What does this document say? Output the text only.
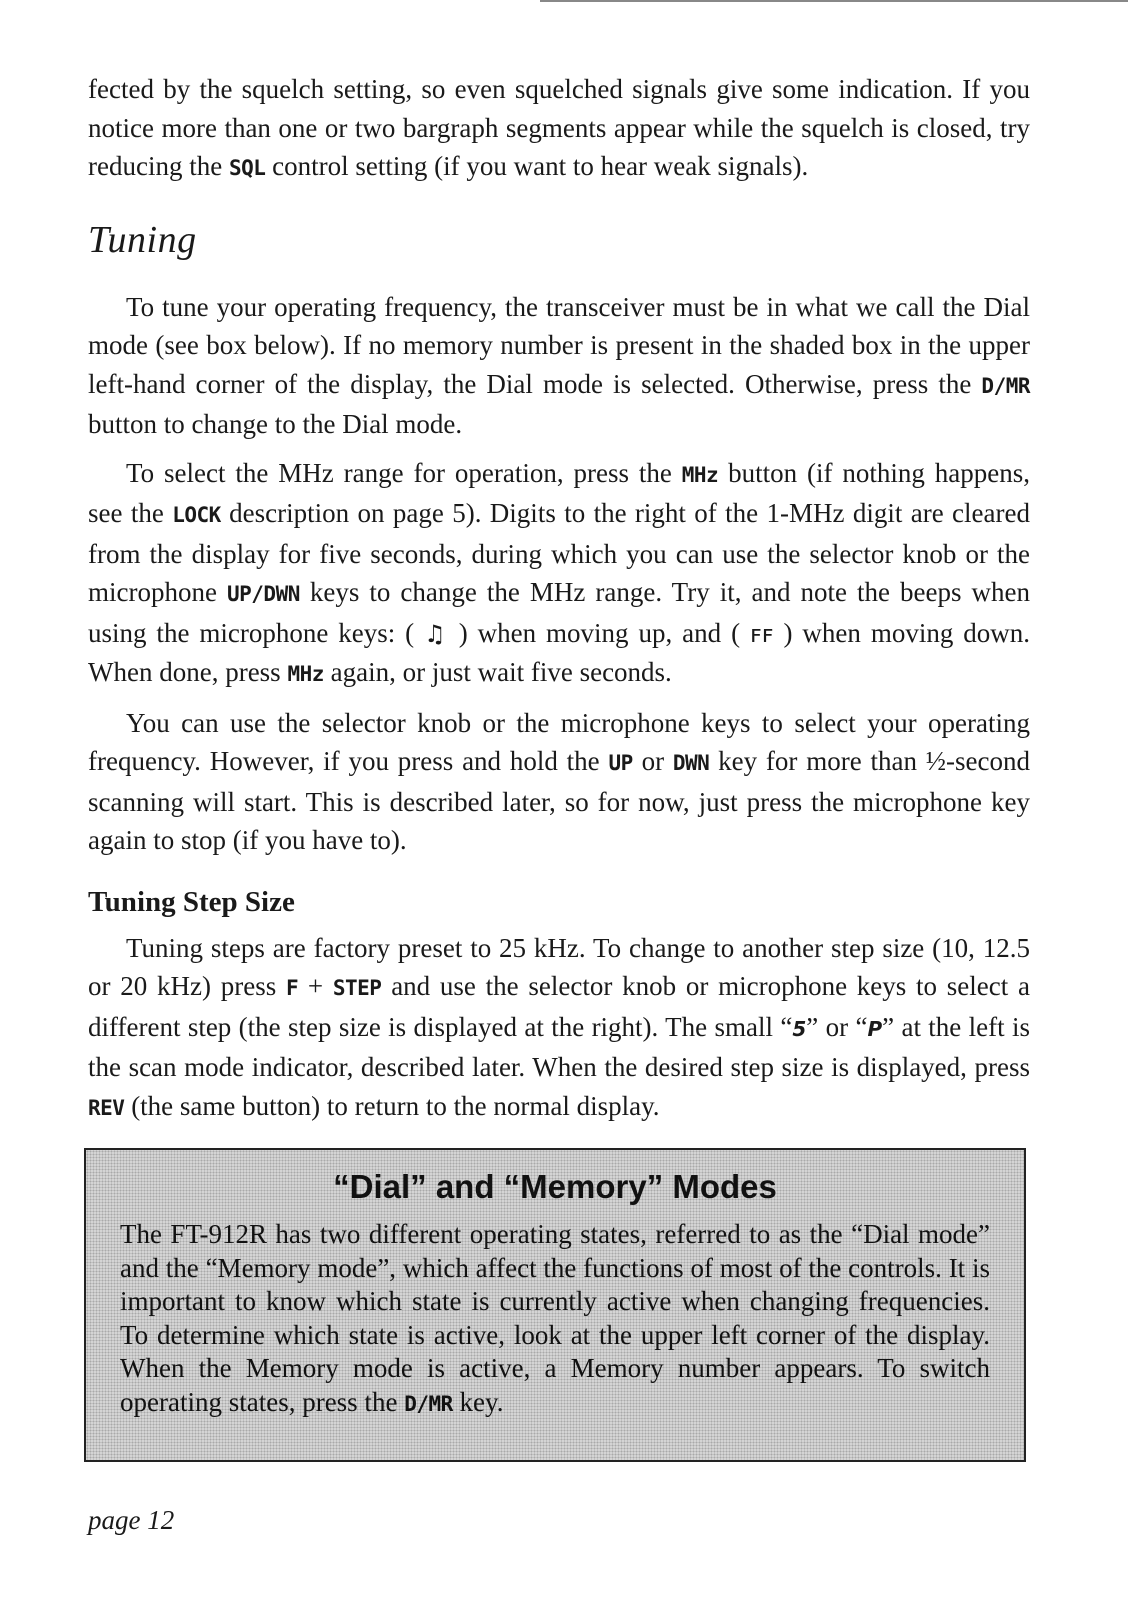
fected by the squelch setting, so even squelched signals give some indication. If you notice more than one or two bargraph segments appear while the squelch is closed, try reducing the SQL control setting (if you want to hear weak signals).

Tuning

To tune your operating frequency, the transceiver must be in what we call the Dial mode (see box below). If no memory number is present in the shaded box in the upper left-hand corner of the display, the Dial mode is selected. Otherwise, press the D/MR button to change to the Dial mode.

To select the MHz range for operation, press the MHz button (if nothing happens, see the LOCK description on page 5). Digits to the right of the 1-MHz digit are cleared from the display for five seconds, during which you can use the selector knob or the microphone UP/DWN keys to change the MHz range. Try it, and note the beeps when using the microphone keys: ( ♫ ) when moving up, and ( ꜰꜰ ) when moving down. When done, press MHz again, or just wait five seconds.

You can use the selector knob or the microphone keys to select your operating frequency. However, if you press and hold the UP or DWN key for more than ½-second scanning will start. This is described later, so for now, just press the microphone key again to stop (if you have to).

Tuning Step Size

Tuning steps are factory preset to 25 kHz. To change to another step size (10, 12.5 or 20 kHz) press F + STEP and use the selector knob or microphone keys to select a different step (the step size is displayed at the right). The small “5” or “P” at the left is the scan mode indicator, described later. When the desired step size is displayed, press REV (the same button) to return to the normal display.

“Dial” and “Memory” Modes

The FT-912R has two different operating states, referred to as the “Dial mode” and the “Memory mode”, which affect the functions of most of the controls. It is important to know which state is currently active when changing frequencies. To determine which state is active, look at the upper left corner of the display. When the Memory mode is active, a Memory number appears. To switch operating states, press the D/MR key.

page 12
